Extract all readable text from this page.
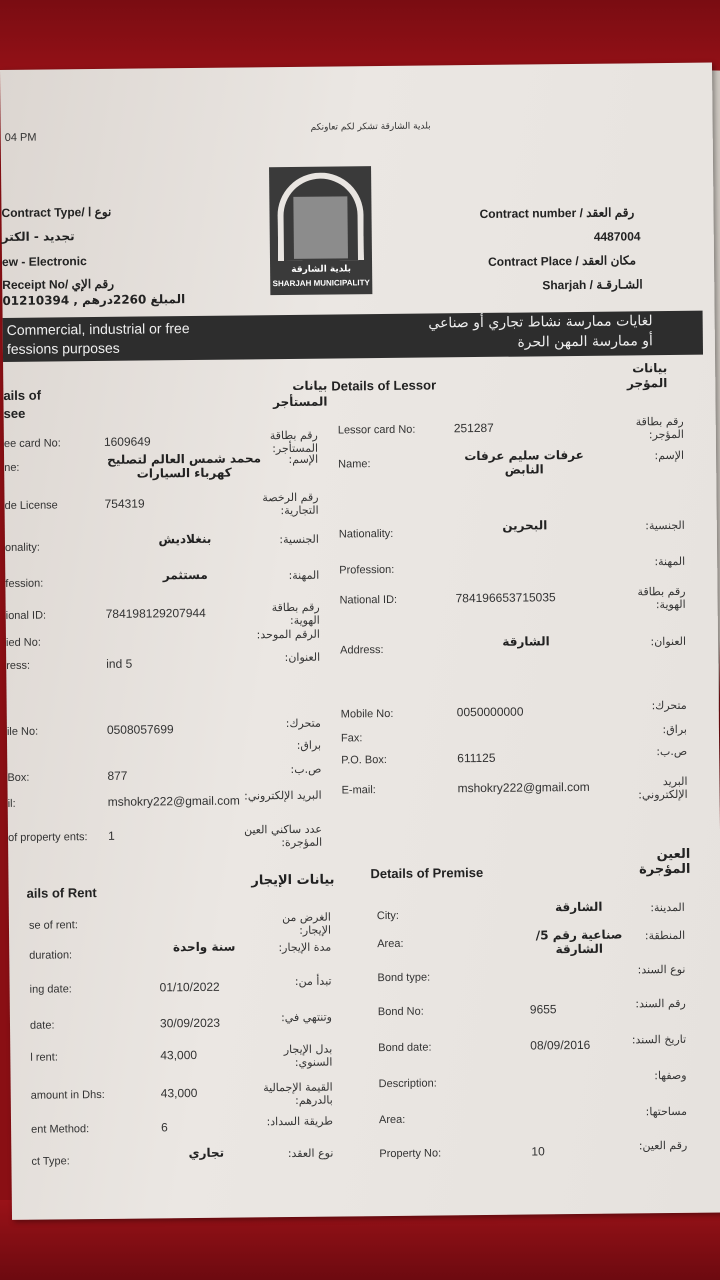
04 PM
بلدية الشارقة تشكر لكم تعاونكم
Contract Type/ نوع ا
تجديد - الكتر
ew - Electronic
Receipt No/ رقم الإي
01210394 , المبلغ 2260درهم
بلدية الشارقة
SHARJAH MUNICIPALITY
Contract number / رقم العقد
4487004
Contract Place / مكان العقد
Sharjah / الشـارقـة
Commercial, industrial or free
fessions purposes
لغايات ممارسة نشاط تجاري أو صناعي
أو ممارسة المهن الحرة
ails of
see
بيانات
المستأجر
Details of Lessor
بيانات المؤجر
ee card No:
رقم بطاقة المستأجر:
1609649
ne:
الإسم:
محمد شمس العالم لتصليح كهرباء السيارات
de License
رقم الرخصة التجارية:
754319
onality:
الجنسية:
بنغلاديش
fession:
المهنة:
مستثمر
ional ID:
رقم بطاقة الهوية:
784198129207944
ied No:
الرقم الموحد:
ress:
العنوان:
ind 5
ile No:
متحرك:
0508057699
براق:
Box:
ص.ب:
877
il:
البريد الإلكتروني:
mshokry222@gmail.com
of property ents:
عدد ساكني العين المؤجرة:
1
Lessor card No:
رقم بطاقة المؤجر:
251287
Name:
الإسم:
عرفات سليم عرفات النابض
Nationality:
الجنسية:
البحرين
Profession:
المهنة:
National ID:
رقم بطاقة الهوية:
784196653715035
Address:
العنوان:
الشارقة
Mobile No:
متحرك:
0050000000
Fax:
براق:
P.O. Box:
ص.ب:
611125
E-mail:
البريد الإلكتروني:
mshokry222@gmail.com
ails of Rent
بيانات الإيجار	Details of Premise
العين المؤجرة
se of rent:
الغرض من الإيجار:
duration:
مدة الإيجار:
سنة واحدة
ing date:
تبدأ من:
01/10/2022
date:
وتنتهي في:
30/09/2023
l rent:
بدل الإيجار السنوي:
43,000
amount in Dhs:
القيمة الإجمالية بالدرهم:
43,000
ent Method:
طريقة السداد:
6
ct Type:
نوع العقد:
تجاري
City:
المدينة:
الشارقة
Area:
المنطقة:
صناعية رقم 5/ الشارقة
Bond type:
نوع السند:
Bond No:
رقم السند:
9655
Bond date:
تاريخ السند:
08/09/2016
Description:
وصفها:
Area:
مساحتها:
Property No:
رقم العين:
10
